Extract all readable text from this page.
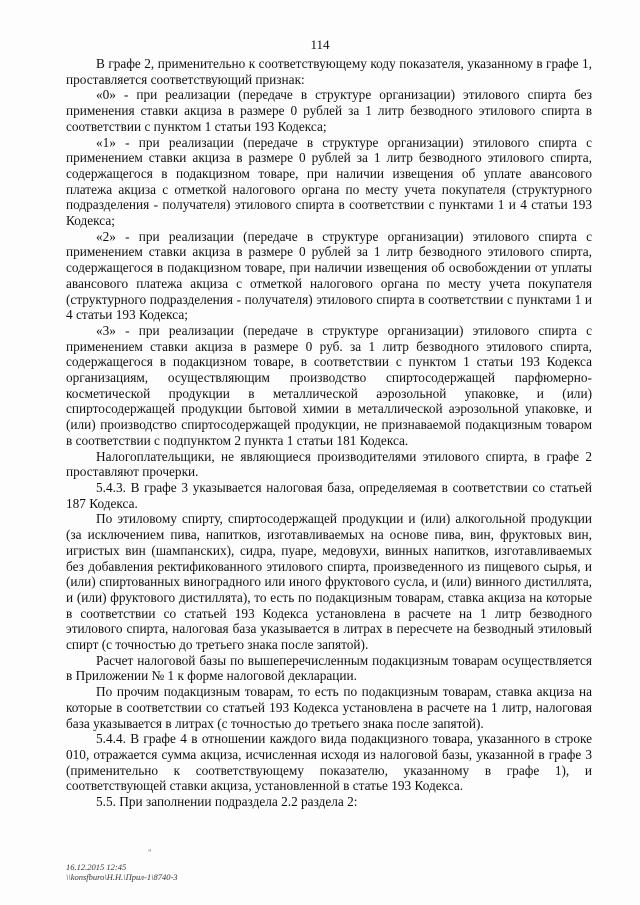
114

В графе 2, применительно к соответствующему коду показателя, указанному в графе 1, проставляется соответствующий признак:

«0» - при реализации (передаче в структуре организации) этилового спирта без применения ставки акциза в размере 0 рублей за 1 литр безводного этилового спирта в соответствии с пунктом 1 статьи 193 Кодекса;

«1» - при реализации (передаче в структуре организации) этилового спирта с применением ставки акциза в размере 0 рублей за 1 литр безводного этилового спирта, содержащегося в подакцизном товаре, при наличии извещения об уплате авансового платежа акциза с отметкой налогового органа по месту учета покупателя (структурного подразделения - получателя) этилового спирта в соответствии с пунктами 1 и 4 статьи 193 Кодекса;

«2» - при реализации (передаче в структуре организации) этилового спирта с применением ставки акциза в размере 0 рублей за 1 литр безводного этилового спирта, содержащегося в подакцизном товаре, при наличии извещения об освобождении от уплаты авансового платежа акциза с отметкой налогового органа по месту учета покупателя (структурного подразделения - получателя) этилового спирта в соответствии с пунктами 1 и 4 статьи 193 Кодекса;

«3» - при реализации (передаче в структуре организации) этилового спирта с применением ставки акциза в размере 0 руб. за 1 литр безводного этилового спирта, содержащегося в подакцизном товаре, в соответствии с пунктом 1 статьи 193 Кодекса организациям, осуществляющим производство спиртосодержащей парфюмерно-косметической продукции в металлической аэрозольной упаковке, и (или) спиртосодержащей продукции бытовой химии в металлической аэрозольной упаковке, и (или) производство спиртосодержащей продукции, не признаваемой подакцизным товаром в соответствии с подпунктом 2 пункта 1 статьи 181 Кодекса.

Налогоплательщики, не являющиеся производителями этилового спирта, в графе 2 проставляют прочерки.

5.4.3. В графе 3 указывается налоговая база, определяемая в соответствии со статьей 187 Кодекса.

По этиловому спирту, спиртосодержащей продукции и (или) алкогольной продукции (за исключением пива, напитков, изготавливаемых на основе пива, вин, фруктовых вин, игристых вин (шампанских), сидра, пуаре, медовухи, винных напитков, изготавливаемых без добавления ректификованного этилового спирта, произведенного из пищевого сырья, и (или) спиртованных виноградного или иного фруктового сусла, и (или) винного дистиллята, и (или) фруктового дистиллята), то есть по подакцизным товарам, ставка акциза на которые в соответствии со статьей 193 Кодекса установлена в расчете на 1 литр безводного этилового спирта, налоговая база указывается в литрах в пересчете на безводный этиловый спирт (с точностью до третьего знака после запятой).

Расчет налоговой базы по вышеперечисленным подакцизным товарам осуществляется в Приложении № 1 к форме налоговой декларации.

По прочим подакцизным товарам, то есть по подакцизным товарам, ставка акциза на которые в соответствии со статьей 193 Кодекса установлена в расчете на 1 литр, налоговая база указывается в литрах (с точностью до третьего знака после запятой).

5.4.4. В графе 4 в отношении каждого вида подакцизного товара, указанного в строке 010, отражается сумма акциза, исчисленная исходя из налоговой базы, указанной в графе 3 (применительно к соответствующему показателю, указанному в графе 1), и соответствующей ставки акциза, установленной в статье 193 Кодекса.

5.5. При заполнении подраздела 2.2 раздела 2:

"
16.12.2015 12:45
\\konsfburo\Н.Н.\Прил-1\8740-3
